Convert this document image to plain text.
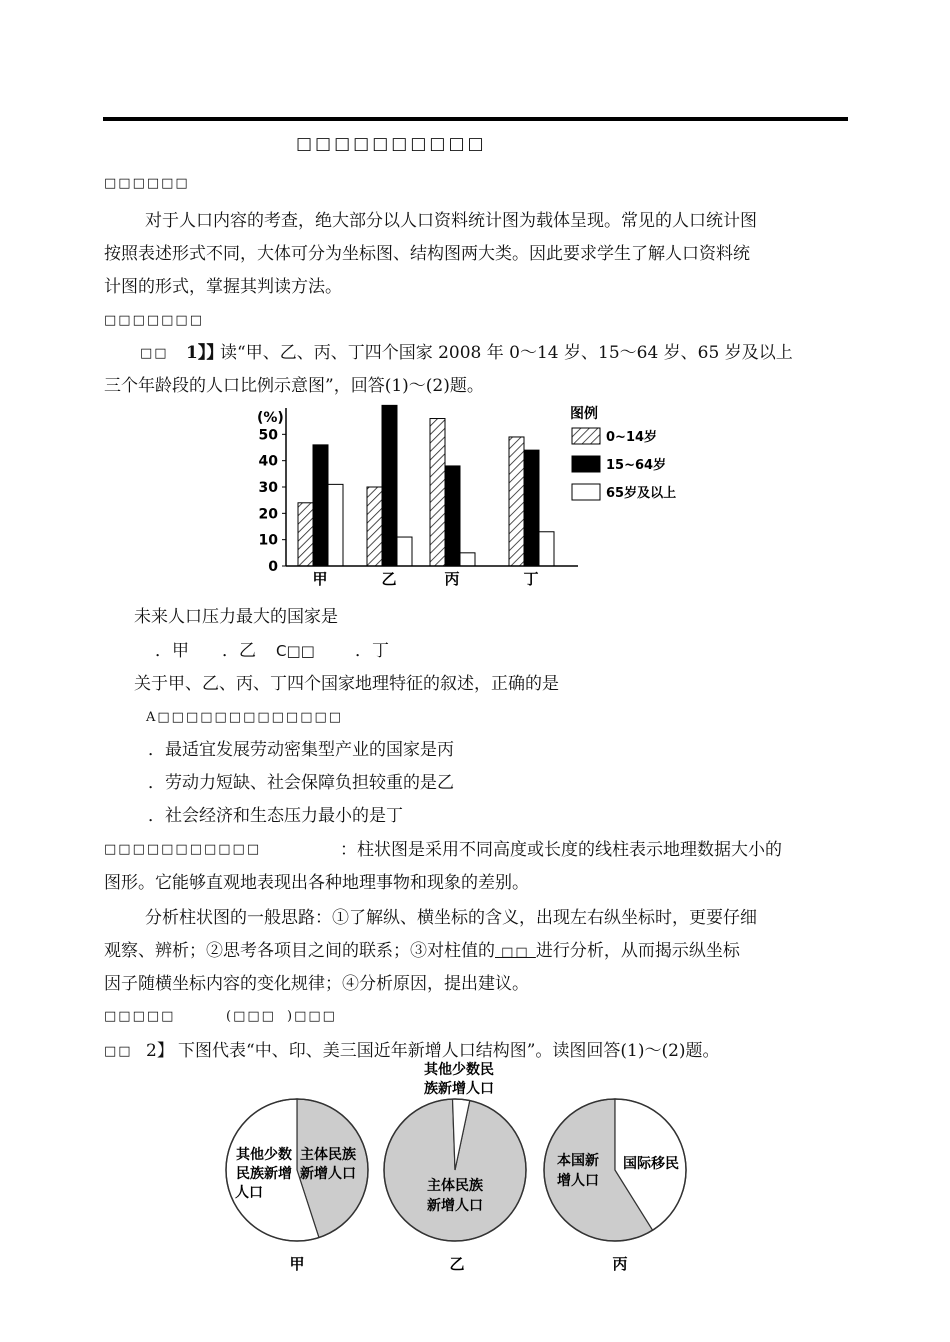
□□□□□□□□□□
□□□□□□
对于人口内容的考查，绝大部分以人口资料统计图为载体呈现。常见的人口统计图
按照表述形式不同，大体可分为坐标图、结构图两大类。因此要求学生了解人口资料统
计图的形式，掌握其判读方法。
□□□□□□□
□□ 1】】
读“甲、乙、丙、丁四个国家 2008 年 0～14 岁、15～64 岁、65 岁及以上
三个年龄段的人口比例示意图”，回答(1)～(2)题。
0
10
20
30
40
50
(%)
甲	乙	丙	丁
图例
0~14岁
15~64岁
65岁及以上
未来人口压力最大的国家是
．甲 ．乙 C□□ ．丁
关于甲、乙、丙、丁四个国家地理特征的叙述，正确的是
A□□□□□□□□□□□□□
．最适宜发展劳动密集型产业的国家是丙
．劳动力短缺、社会保障负担较重的是乙
．社会经济和生态压力最小的是丁
□□□□□□□□□□□	：柱状图是采用不同高度或长度的线柱表示地理数据大小的
图形。它能够直观地表现出各种地理事物和现象的差别。
分析柱状图的一般思路：①了解纵、横坐标的含义，出现左右纵坐标时，更要仔细
观察、辨析；②思考各项目之间的联系；③对柱值的 □□ 进行分析，从而揭示纵坐标
因子随横坐标内容的变化规律；④分析原因，提出建议。
□□□□□	(□□□ )□□□
□□ 2】 下图代表“中、印、美三国近年新增人口结构图”。读图回答(1)～(2)题。
其他少数
民族新增
人口
主体民族
新增人口
其他少数民
族新增人口
主体民族
新增人口
本国新
增人口
国际移民
甲	乙	丙
